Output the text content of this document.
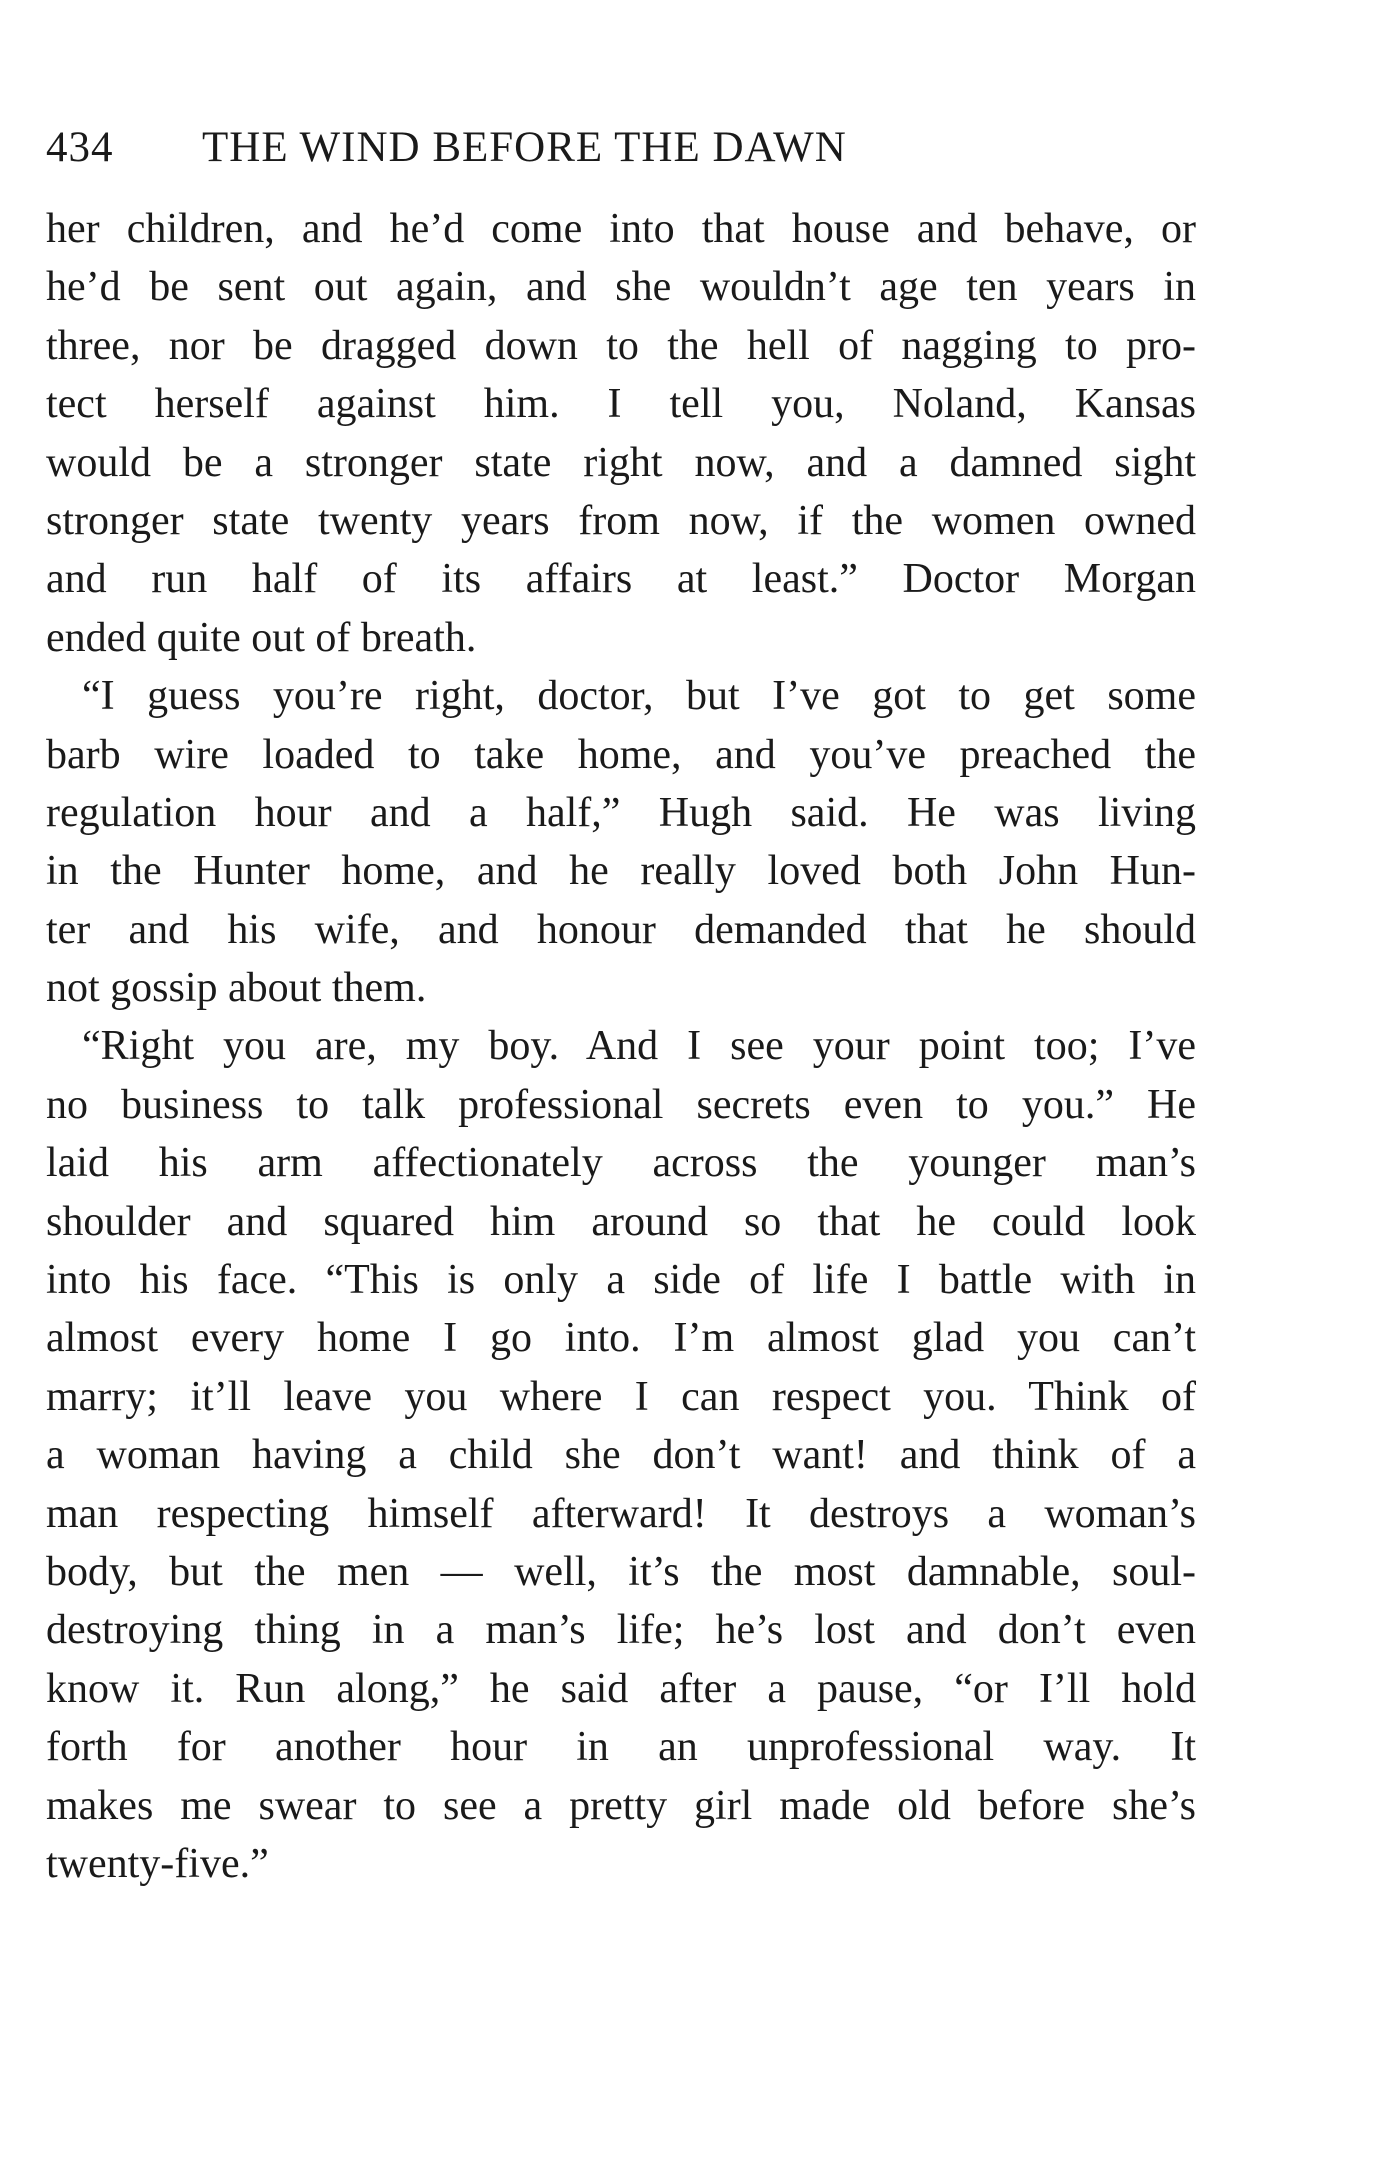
434 THE WIND BEFORE THE DAWN
her children, and he’d come into that house and behave, or
he’d be sent out again, and she wouldn’t age ten years in
three, nor be dragged down to the hell of nagging to pro-
tect herself against him. I tell you, Noland, Kansas
would be a stronger state right now, and a damned sight
stronger state twenty years from now, if the women owned
and run half of its affairs at least.” Doctor Morgan
ended quite out of breath.
“I guess you’re right, doctor, but I’ve got to get some
barb wire loaded to take home, and you’ve preached the
regulation hour and a half,” Hugh said. He was living
in the Hunter home, and he really loved both John Hun-
ter and his wife, and honour demanded that he should
not gossip about them.
“Right you are, my boy. And I see your point too; I’ve
no business to talk professional secrets even to you.” He
laid his arm affectionately across the younger man’s
shoulder and squared him around so that he could look
into his face. “This is only a side of life I battle with in
almost every home I go into. I’m almost glad you can’t
marry; it’ll leave you where I can respect you. Think of
a woman having a child she don’t want! and think of a
man respecting himself afterward! It destroys a woman’s
body, but the men — well, it’s the most damnable, soul-
destroying thing in a man’s life; he’s lost and don’t even
know it. Run along,” he said after a pause, “or I’ll hold
forth for another hour in an unprofessional way. It
makes me swear to see a pretty girl made old before she’s
twenty-five.”
